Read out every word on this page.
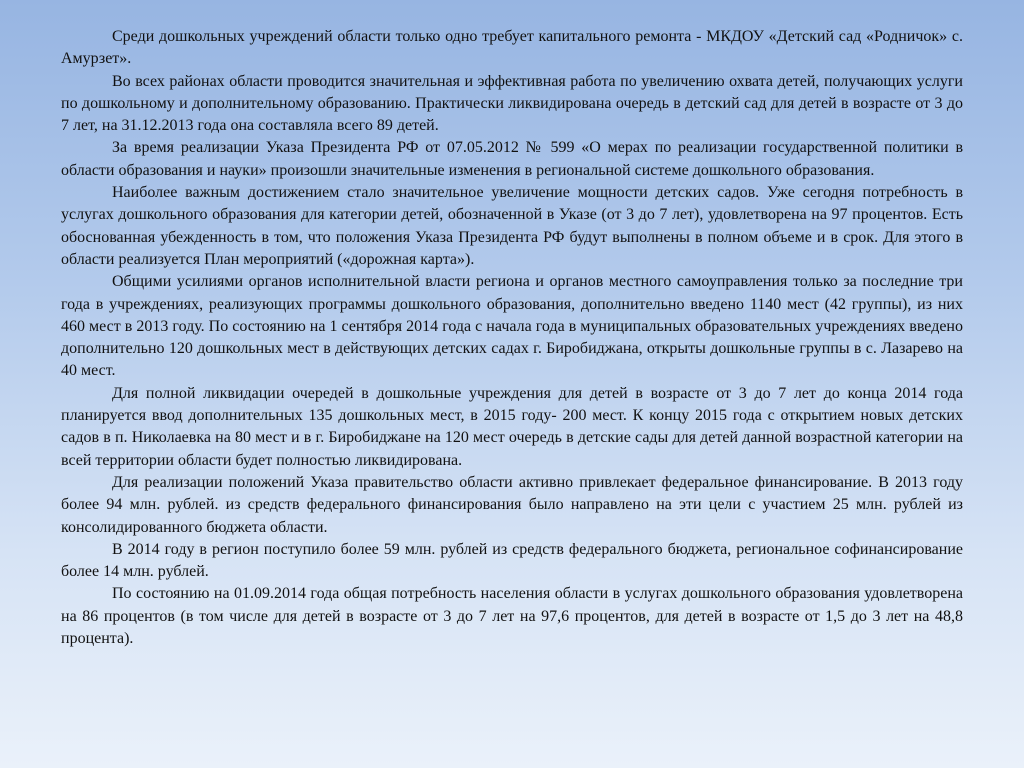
Среди дошкольных учреждений области только одно требует капитального ремонта - МКДОУ «Детский сад «Родничок» с. Амурзет».

Во всех районах области проводится значительная и эффективная работа по увеличению охвата детей, получающих услуги по дошкольному и дополнительному образованию. Практически ликвидирована очередь в детский сад для детей в возрасте от 3 до 7 лет, на 31.12.2013 года она составляла всего 89 детей.

За время реализации Указа Президента РФ от 07.05.2012 № 599 «О мерах по реализации государственной политики в области образования и науки» произошли значительные изменения в региональной системе дошкольного образования.

Наиболее важным достижением стало значительное увеличение мощности детских садов. Уже сегодня потребность в услугах дошкольного образования для категории детей, обозначенной в Указе (от 3 до 7 лет), удовлетворена на 97 процентов. Есть обоснованная убежденность в том, что положения Указа Президента РФ будут выполнены в полном объеме и в срок. Для этого в области реализуется План мероприятий («дорожная карта»).

Общими усилиями органов исполнительной власти региона и органов местного самоуправления только за последние три года в учреждениях, реализующих программы дошкольного образования, дополнительно введено 1140 мест (42 группы), из них 460 мест в 2013 году. По состоянию на 1 сентября 2014 года с начала года в муниципальных образовательных учреждениях введено дополнительно 120 дошкольных мест в действующих детских садах г. Биробиджана, открыты дошкольные группы в с. Лазарево на 40 мест.

Для полной ликвидации очередей в дошкольные учреждения для детей в возрасте от 3 до 7 лет до конца 2014 года планируется ввод дополнительных 135 дошкольных мест, в 2015 году- 200 мест. К концу 2015 года с открытием новых детских садов в п. Николаевка на 80 мест и в г. Биробиджане на 120 мест очередь в детские сады для детей данной возрастной категории на всей территории области будет полностью ликвидирована.

Для реализации положений Указа правительство области активно привлекает федеральное финансирование. В 2013 году более 94 млн. рублей. из средств федерального финансирования было направлено на эти цели с участием 25 млн. рублей из консолидированного бюджета области.

В 2014 году в регион поступило более 59 млн. рублей из средств федерального бюджета, региональное софинансирование более 14 млн. рублей.

По состоянию на 01.09.2014 года общая потребность населения области в услугах дошкольного образования удовлетворена на 86 процентов (в том числе для детей в возрасте от 3 до 7 лет на 97,6 процентов, для детей в возрасте от 1,5 до 3 лет на 48,8 процента).
